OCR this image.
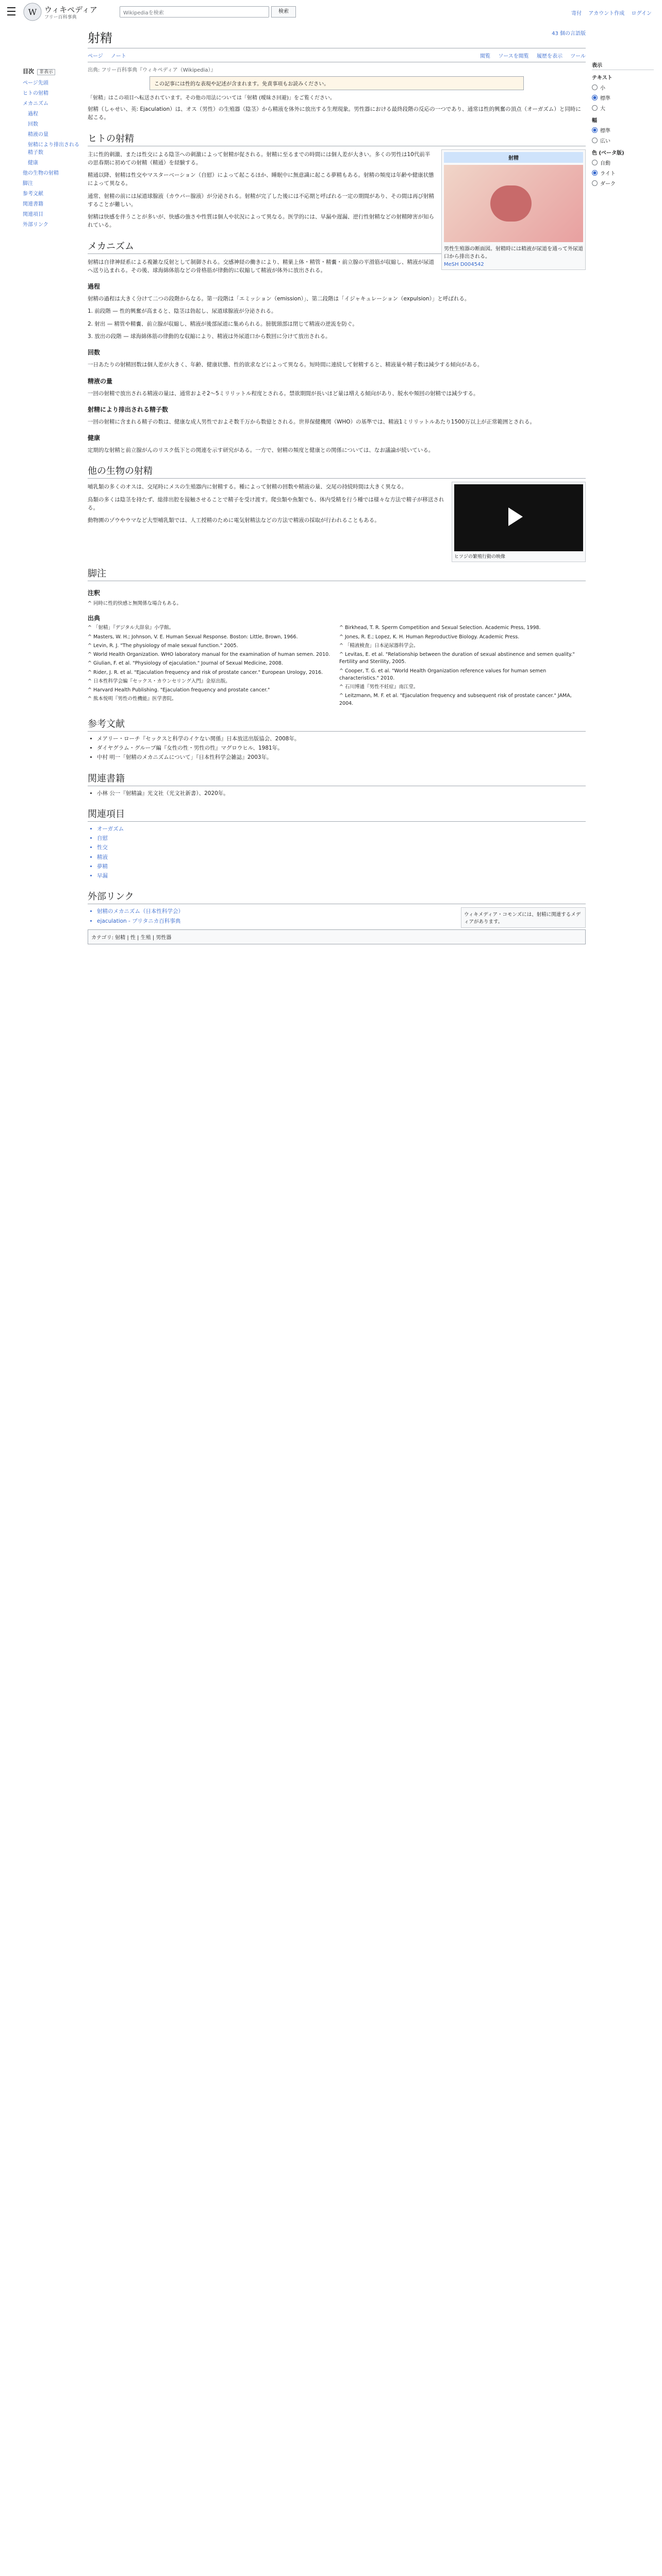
W ウィキペディア
フリー百科事典
Wikipediaを検索	検索	寄付 アカウント作成 ログイン
目次 非表示
ページ先頭
ヒトの射精
メカニズム
過程
回数
精液の量
射精により排出される精子数
健康
他の生物の射精
脚注
参考文献
関連書籍
関連項目
外部リンク
射精	43 個の言語版
ページ ノート	閲覧 ソースを閲覧 履歴を表示 ツール
出典: フリー百科事典『ウィキペディア（Wikipedia）』
この記事には性的な表現や記述が含まれます。免責事項もお読みください。
「射精」はこの項目へ転送されています。その他の用法については「射精 (曖昧さ回避)」をご覧ください。

射精（しゃせい、英: Ejaculation）は、オス（男性）の生殖器（陰茎）から精液を体外に放出する生理現象。男性器における最終段階の反応の一つであり、通常は性的興奮の頂点（オーガズム）と同時に起こる。

ヒトの射精
射精
男性生殖器の断面図。射精時には精液が尿道を通って外尿道口から排出される。
MeSH D004542

主に性的刺激、または性交による陰茎への刺激によって射精が促される。射精に至るまでの時間には個人差が大きい。多くの男性は10代前半の思春期に初めての射精（精通）を経験する。

精通以降、射精は性交やマスターベーション（自慰）によって起こるほか、睡眠中に無意識に起こる夢精もある。射精の頻度は年齢や健康状態によって異なる。

通常、射精の前には尿道球腺液（カウパー腺液）が分泌される。射精が完了した後には不応期と呼ばれる一定の期間があり、その間は再び射精することが難しい。

射精は快感を伴うことが多いが、快感の強さや性質は個人や状況によって異なる。医学的には、早漏や遅漏、逆行性射精などの射精障害が知られている。

メカニズム

射精は自律神経系による複雑な反射として制御される。交感神経の働きにより、精巣上体・精管・精嚢・前立腺の平滑筋が収縮し、精液が尿道へ送り込まれる。その後、球海綿体筋などの骨格筋が律動的に収縮して精液が体外に放出される。

過程

射精の過程は大きく分けて二つの段階からなる。第一段階は「エミッション（emission）」、第二段階は「イジャキュレーション（expulsion）」と呼ばれる。

1. 前段階 — 性的興奮が高まると、陰茎は勃起し、尿道球腺液が分泌される。

2. 射出 — 精管や精嚢、前立腺が収縮し、精液が後部尿道に集められる。膀胱頸部は閉じて精液の逆流を防ぐ。

3. 放出の段階 — 球海綿体筋の律動的な収縮により、精液は外尿道口から数回に分けて放出される。

回数

一日あたりの射精回数は個人差が大きく、年齢、健康状態、性的欲求などによって異なる。短時間に連続して射精すると、精液量や精子数は減少する傾向がある。

精液の量

一回の射精で放出される精液の量は、通常およそ2〜5ミリリットル程度とされる。禁欲期間が長いほど量は増える傾向があり、脱水や頻回の射精では減少する。

射精により排出される精子数

一回の射精に含まれる精子の数は、健康な成人男性でおよそ数千万から数億とされる。世界保健機関（WHO）の基準では、精液1ミリリットルあたり1500万以上が正常範囲とされる。

健康

定期的な射精と前立腺がんのリスク低下との関連を示す研究がある。一方で、射精の頻度と健康との関係については、なお議論が続いている。

他の生物の射精
ヒツジの繁殖行動の映像

哺乳類の多くのオスは、交尾時にメスの生殖器内に射精する。種によって射精の回数や精液の量、交尾の持続時間は大きく異なる。

鳥類の多くは陰茎を持たず、総排出腔を接触させることで精子を受け渡す。爬虫類や魚類でも、体内受精を行う種では様々な方法で精子が移送される。

動物園のゾウやウマなど大型哺乳類では、人工授精のために電気射精法などの方法で精液の採取が行われることもある。

脚注
注釈
^ 同時に性的快感と無関係な場合もある。
出典
^ 「射精」『デジタル大辞泉』小学館。
^ Masters, W. H.; Johnson, V. E. Human Sexual Response. Boston: Little, Brown, 1966.
^ Levin, R. J. "The physiology of male sexual function." 2005.
^ World Health Organization. WHO laboratory manual for the examination of human semen. 2010.
^ Giulian, F. et al. "Physiology of ejaculation." Journal of Sexual Medicine, 2008.
^ Rider, J. R. et al. "Ejaculation frequency and risk of prostate cancer." European Urology, 2016.
^ 日本性科学会編『セックス・カウンセリング入門』金原出版。
^ Harvard Health Publishing. "Ejaculation frequency and prostate cancer."
^ 熊本悦明『男性の性機能』医学書院。
^ Birkhead, T. R. Sperm Competition and Sexual Selection. Academic Press, 1998.
^ Jones, R. E.; Lopez, K. H. Human Reproductive Biology. Academic Press.
^ 「精液検査」日本泌尿器科学会。
^ Levitas, E. et al. "Relationship between the duration of sexual abstinence and semen quality." Fertility and Sterility, 2005.
^ Cooper, T. G. et al. "World Health Organization reference values for human semen characteristics." 2010.
^ 石川博通『男性不妊症』南江堂。
^ Leitzmann, M. F. et al. "Ejaculation frequency and subsequent risk of prostate cancer." JAMA, 2004.
参考文献
• メアリー・ローチ『セックスと科学のイケない関係』日本放送出版協会、2008年。
• ダイヤグラム・グループ編『女性の性・男性の性』マグロウヒル、1981年。
• 中村 明一「射精のメカニズムについて」『日本性科学会雑誌』2003年。
関連書籍
• 小林 公一『射精論』光文社（光文社新書）、2020年。
関連項目
• オーガズム
• 自慰
• 性交
• 精液
• 夢精
• 早漏
外部リンク
ウィキメディア・コモンズには、射精に関連するメディアがあります。
• 射精のメカニズム（日本性科学会）
• ejaculation - ブリタニカ百科事典
カテゴリ: 射精 | 性 | 生殖 | 男性器
表示
テキスト
小
標準
大
幅
標準
広い
色 (ベータ版)
自動
ライト
ダーク
